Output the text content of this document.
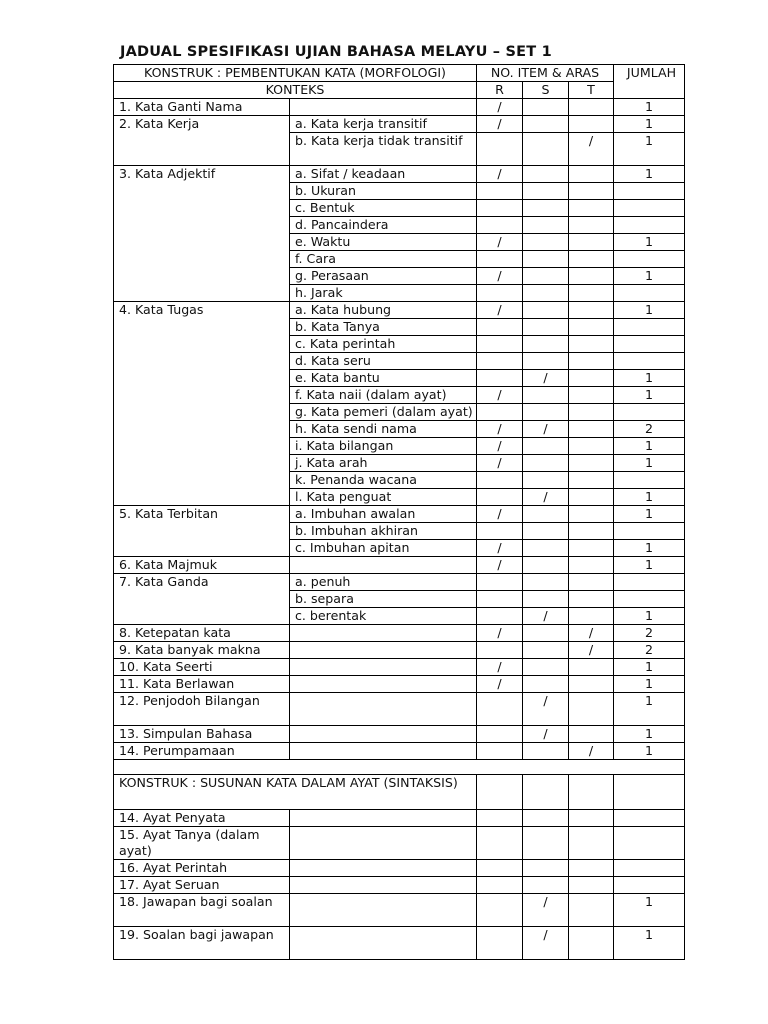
JADUAL SPESIFIKASI UJIAN BAHASA MELAYU – SET 1
KONSTRUK : PEMBENTUKAN KATA (MORFOLOGI)		NO. ITEM & ARAS			JUMLAH
KONTEKS		R	S	T	
1. Kata Ganti Nama		/			1
2. Kata Kerja	a. Kata kerja transitif	/			1
	b. Kata kerja tidak transitif			/	1
3. Kata Adjektif	a. Sifat / keadaan	/			1
	b. Ukuran				
	c. Bentuk				
	d. Pancaindera				
	e. Waktu	/			1
	f. Cara				
	g. Perasaan	/			1
	h. Jarak				
4. Kata Tugas	a. Kata hubung	/			1
	b. Kata Tanya				
	c. Kata perintah				
	d. Kata seru				
	e. Kata bantu		/		1
	f. Kata naii (dalam ayat)	/			1
	g. Kata pemeri (dalam ayat)				
	h. Kata sendi nama	/	/		2
	i. Kata bilangan	/			1
	j. Kata arah	/			1
	k. Penanda wacana				
	l. Kata penguat		/		1
5. Kata Terbitan	a. Imbuhan awalan	/			1
	b. Imbuhan akhiran				
	c. Imbuhan apitan	/			1
6. Kata Majmuk		/			1
7. Kata Ganda	a. penuh				
	b. separa				
	c. berentak		/		1
8. Ketepatan kata		/		/	2
9. Kata banyak makna				/	2
10. Kata Seerti		/			1
11. Kata Berlawan		/			1
12. Penjodoh Bilangan			/		1
13. Simpulan Bahasa			/		1
14. Perumpamaan				/	1

KONSTRUK : SUSUNAN KATA DALAM AYAT (SINTAKSIS)					
14. Ayat Penyata					
15. Ayat Tanya (dalam ayat)					
16. Ayat Perintah					
17. Ayat Seruan					
18. Jawapan bagi soalan			/		1
19. Soalan bagi jawapan			/		1
